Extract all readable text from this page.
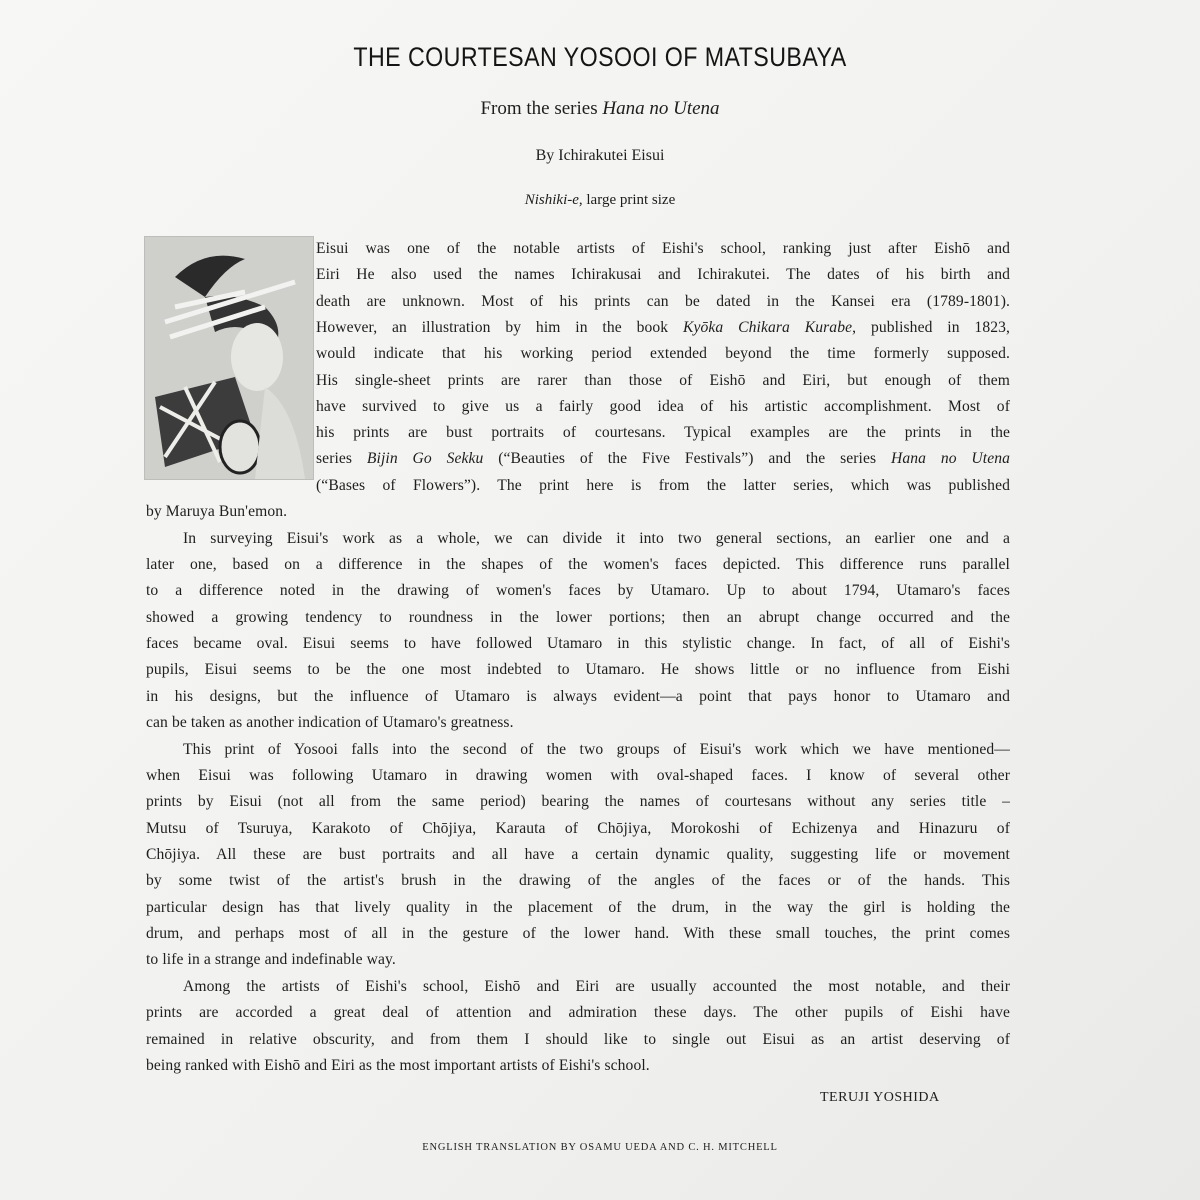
THE COURTESAN YOSOOI OF MATSUBAYA
From the series Hana no Utena
By Ichirakutei Eisui
Nishiki-e, large print size
Eisui was one of the notable artists of Eishi's school, ranking just after Eishō and
Eiri He also used the names Ichirakusai and Ichirakutei. The dates of his birth and
death are unknown. Most of his prints can be dated in the Kansei era (1789-1801).
However, an illustration by him in the book Kyōka Chikara Kurabe, published in 1823,
would indicate that his working period extended beyond the time formerly supposed.
His single-sheet prints are rarer than those of Eishō and Eiri, but enough of them
have survived to give us a fairly good idea of his artistic accomplishment. Most of
his prints are bust portraits of courtesans. Typical examples are the prints in the
series Bijin Go Sekku (“Beauties of the Five Festivals”) and the series Hana no Utena
(“Bases of Flowers”). The print here is from the latter series, which was published
by Maruya Bun'emon.
In surveying Eisui's work as a whole, we can divide it into two general sections, an earlier one and a
later one, based on a difference in the shapes of the women's faces depicted. This difference runs parallel
to a difference noted in the drawing of women's faces by Utamaro. Up to about 1794, Utamaro's faces
showed a growing tendency to roundness in the lower portions; then an abrupt change occurred and the
faces became oval. Eisui seems to have followed Utamaro in this stylistic change. In fact, of all of Eishi's
pupils, Eisui seems to be the one most indebted to Utamaro. He shows little or no influence from Eishi
in his designs, but the influence of Utamaro is always evident—a point that pays honor to Utamaro and
can be taken as another indication of Utamaro's greatness.
This print of Yosooi falls into the second of the two groups of Eisui's work which we have mentioned—
when Eisui was following Utamaro in drawing women with oval-shaped faces. I know of several other
prints by Eisui (not all from the same period) bearing the names of courtesans without any series title –
Mutsu of Tsuruya, Karakoto of Chōjiya, Karauta of Chōjiya, Morokoshi of Echizenya and Hinazuru of
Chōjiya. All these are bust portraits and all have a certain dynamic quality, suggesting life or movement
by some twist of the artist's brush in the drawing of the angles of the faces or of the hands. This
particular design has that lively quality in the placement of the drum, in the way the girl is holding the
drum, and perhaps most of all in the gesture of the lower hand. With these small touches, the print comes
to life in a strange and indefinable way.
Among the artists of Eishi's school, Eishō and Eiri are usually accounted the most notable, and their
prints are accorded a great deal of attention and admiration these days. The other pupils of Eishi have
remained in relative obscurity, and from them I should like to single out Eisui as an artist deserving of
being ranked with Eishō and Eiri as the most important artists of Eishi's school.
TERUJI YOSHIDA
ENGLISH TRANSLATION BY OSAMU UEDA AND C. H. MITCHELL
